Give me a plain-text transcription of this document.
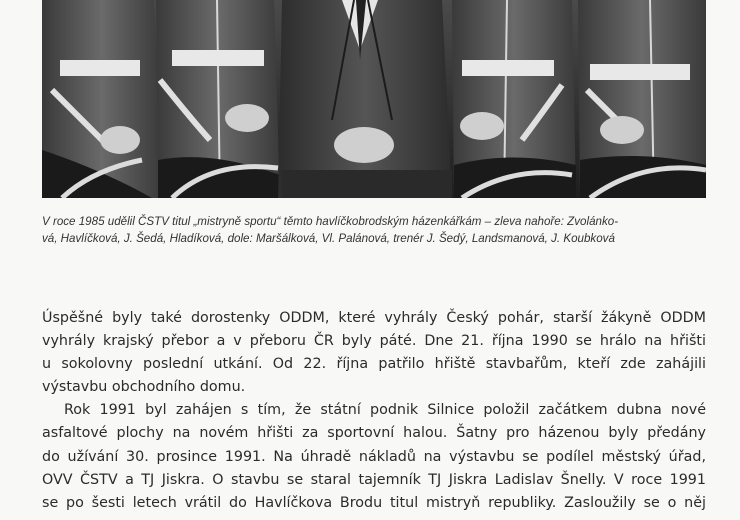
V roce 1985 udělil ČSTV titul „mistryně sportu“ těmto havlíčkobrodským házenkářkám – zleva nahoře: Zvolánko-
vá, Havlíčková, J. Šedá, Hladíková, dole: Maršálková, Vl. Palánová, trenér J. Šedý, Landsmanová, J. Koubková

Úspěšné byly také dorostenky ODDM, které vyhrály Český pohár, starší žákyně ODDM
vyhrály krajský přebor a v přeboru ČR byly páté. Dne 21. října 1990 se hrálo na hřišti
u sokolovny poslední utkání. Od 22. října patřilo hřiště stavbařům, kteří zde zahájili
výstavbu obchodního domu.
Rok 1991 byl zahájen s tím, že státní podnik Silnice položil začátkem dubna nové
asfaltové plochy na novém hřišti za sportovní halou. Šatny pro házenou byly předány
do užívání 30. prosince 1991. Na úhradě nákladů na výstavbu se podílel městský úřad,
OVV ČSTV a TJ Jiskra. O stavbu se staral tajemník TJ Jiskra Ladislav Šnelly. V roce 1991
se po šesti letech vrátil do Havlíčkova Brodu titul mistryň republiky. Zasloužily se o něj
